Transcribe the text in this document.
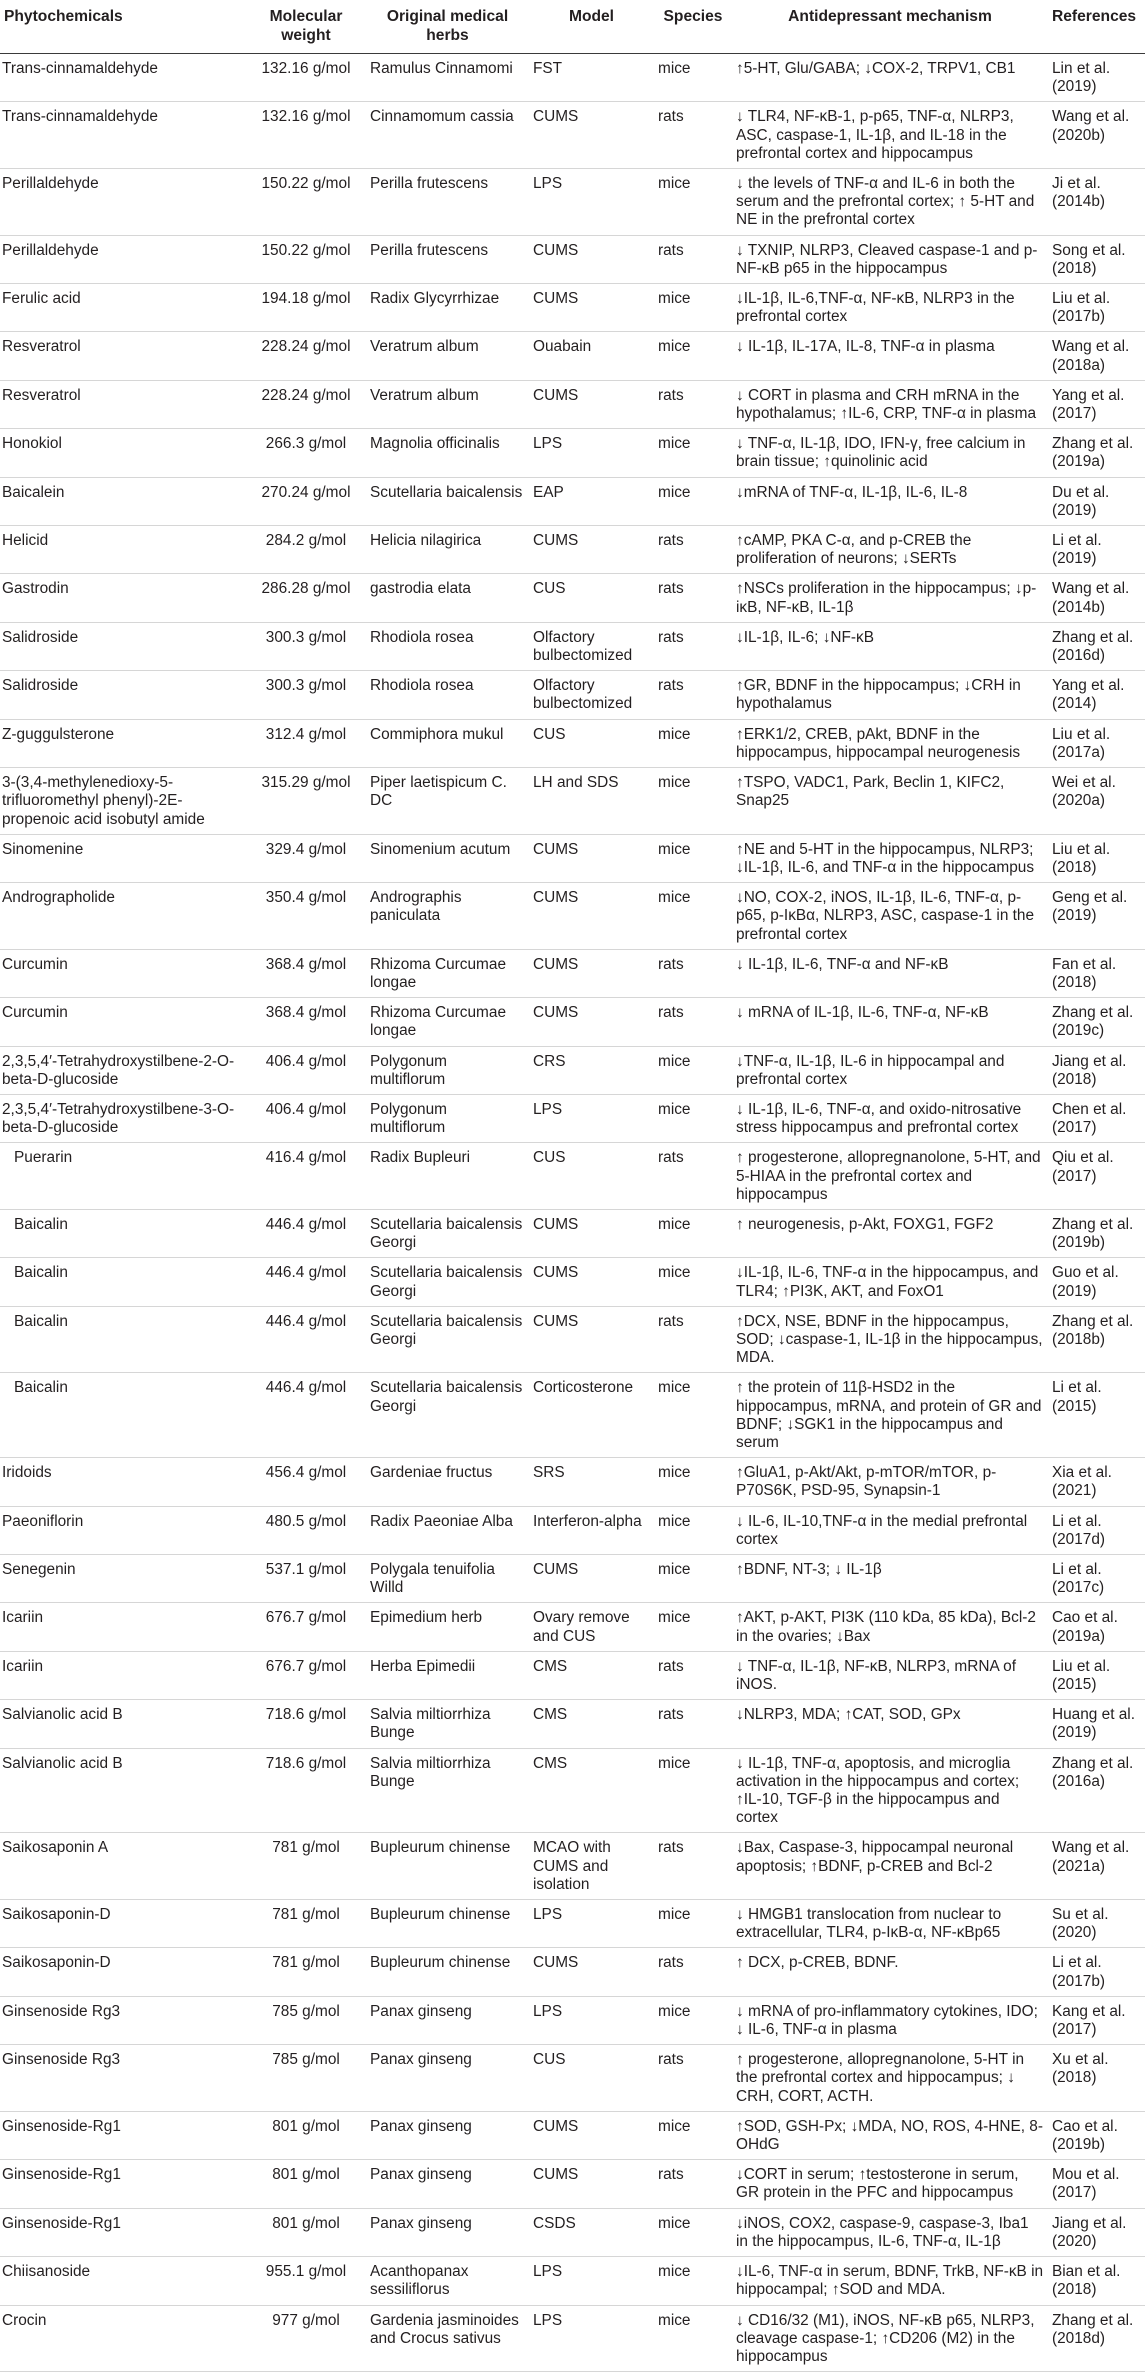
Phytochemicals	Molecular weight	Original medical herbs	Model	Species	Antidepressant mechanism	References
Trans-cinnamaldehyde	132.16 g/mol	Ramulus Cinnamomi	FST	mice	↑5-HT, Glu/GABA; ↓COX-2, TRPV1, CB1	Lin et al. (2019)
Trans-cinnamaldehyde	132.16 g/mol	Cinnamomum cassia	CUMS	rats	↓ TLR4, NF-κB-1, p-p65, TNF-α, NLRP3, ASC, caspase-1, IL-1β, and IL-18 in the prefrontal cortex and hippocampus	Wang et al. (2020b)
Perillaldehyde	150.22 g/mol	Perilla frutescens	LPS	mice	↓ the levels of TNF-α and IL-6 in both the serum and the prefrontal cortex; ↑ 5-HT and NE in the prefrontal cortex	Ji et al. (2014b)
Perillaldehyde	150.22 g/mol	Perilla frutescens	CUMS	rats	↓ TXNIP, NLRP3, Cleaved caspase-1 and p-NF-κB p65 in the hippocampus	Song et al. (2018)
Ferulic acid	194.18 g/mol	Radix Glycyrrhizae	CUMS	mice	↓IL-1β, IL-6,TNF-α, NF-κB, NLRP3 in the prefrontal cortex	Liu et al. (2017b)
Resveratrol	228.24 g/mol	Veratrum album	Ouabain	mice	↓ IL-1β, IL-17A, IL-8, TNF-α in plasma	Wang et al. (2018a)
Resveratrol	228.24 g/mol	Veratrum album	CUMS	rats	↓ CORT in plasma and CRH mRNA in the hypothalamus; ↑IL-6, CRP, TNF-α in plasma	Yang et al. (2017)
Honokiol	266.3 g/mol	Magnolia officinalis	LPS	mice	↓ TNF-α, IL-1β, IDO, IFN-γ, free calcium in brain tissue; ↑quinolinic acid	Zhang et al. (2019a)
Baicalein	270.24 g/mol	Scutellaria baicalensis	EAP	mice	↓mRNA of TNF-α, IL-1β, IL-6, IL-8	Du et al. (2019)
Helicid	284.2 g/mol	Helicia nilagirica	CUMS	rats	↑cAMP, PKA C-α, and p-CREB the proliferation of neurons; ↓SERTs	Li et al. (2019)
Gastrodin	286.28 g/mol	gastrodia elata	CUS	rats	↑NSCs proliferation in the hippocampus; ↓p-iκB, NF-κB, IL-1β	Wang et al. (2014b)
Salidroside	300.3 g/mol	Rhodiola rosea	Olfactory bulbectomized	rats	↓IL-1β, IL-6; ↓NF-κB	Zhang et al. (2016d)
Salidroside	300.3 g/mol	Rhodiola rosea	Olfactory bulbectomized	rats	↑GR, BDNF in the hippocampus; ↓CRH in hypothalamus	Yang et al. (2014)
Z-guggulsterone	312.4 g/mol	Commiphora mukul	CUS	mice	↑ERK1/2, CREB, pAkt, BDNF in the hippocampus, hippocampal neurogenesis	Liu et al. (2017a)
3-(3,4-methylenedioxy-5-trifluoromethyl phenyl)-2E-propenoic acid isobutyl amide	315.29 g/mol	Piper laetispicum C. DC	LH and SDS	mice	↑TSPO, VADC1, Park, Beclin 1, KIFC2, Snap25	Wei et al. (2020a)
Sinomenine	329.4 g/mol	Sinomenium acutum	CUMS	mice	↑NE and 5-HT in the hippocampus, NLRP3; ↓IL-1β, IL-6, and TNF-α in the hippocampus	Liu et al. (2018)
Andrographolide	350.4 g/mol	Andrographis paniculata	CUMS	mice	↓NO, COX-2, iNOS, IL-1β, IL-6, TNF-α, p-p65, p-IκBα, NLRP3, ASC, caspase-1 in the prefrontal cortex	Geng et al. (2019)
Curcumin	368.4 g/mol	Rhizoma Curcumae longae	CUMS	rats	↓ IL-1β, IL-6, TNF-α and NF-κB	Fan et al. (2018)
Curcumin	368.4 g/mol	Rhizoma Curcumae longae	CUMS	rats	↓ mRNA of IL-1β, IL-6, TNF-α, NF-κB	Zhang et al. (2019c)
2,3,5,4′-Tetrahydroxystilbene-2-O-beta-D-glucoside	406.4 g/mol	Polygonum multiflorum	CRS	mice	↓TNF-α, IL-1β, IL-6 in hippocampal and prefrontal cortex	Jiang et al. (2018)
2,3,5,4′-Tetrahydroxystilbene-3-O-beta-D-glucoside	406.4 g/mol	Polygonum multiflorum	LPS	mice	↓ IL-1β, IL-6, TNF-α, and oxido-nitrosative stress hippocampus and prefrontal cortex	Chen et al. (2017)
Puerarin	416.4 g/mol	Radix Bupleuri	CUS	rats	↑ progesterone, allopregnanolone, 5-HT, and 5-HIAA in the prefrontal cortex and hippocampus	Qiu et al. (2017)
Baicalin	446.4 g/mol	Scutellaria baicalensis Georgi	CUMS	mice	↑ neurogenesis, p-Akt, FOXG1, FGF2	Zhang et al. (2019b)
Baicalin	446.4 g/mol	Scutellaria baicalensis Georgi	CUMS	mice	↓IL-1β, IL-6, TNF-α in the hippocampus, and TLR4; ↑PI3K, AKT, and FoxO1	Guo et al. (2019)
Baicalin	446.4 g/mol	Scutellaria baicalensis Georgi	CUMS	rats	↑DCX, NSE, BDNF in the hippocampus, SOD; ↓caspase-1, IL-1β in the hippocampus, MDA.	Zhang et al. (2018b)
Baicalin	446.4 g/mol	Scutellaria baicalensis Georgi	Corticosterone	mice	↑ the protein of 11β-HSD2 in the hippocampus, mRNA, and protein of GR and BDNF; ↓SGK1 in the hippocampus and serum	Li et al. (2015)
Iridoids	456.4 g/mol	Gardeniae fructus	SRS	mice	↑GluA1, p-Akt/Akt, p-mTOR/mTOR, p-P70S6K, PSD-95, Synapsin-1	Xia et al. (2021)
Paeoniflorin	480.5 g/mol	Radix Paeoniae Alba	Interferon-alpha	mice	↓ IL-6, IL-10,TNF-α in the medial prefrontal cortex	Li et al. (2017d)
Senegenin	537.1 g/mol	Polygala tenuifolia Willd	CUMS	mice	↑BDNF, NT-3; ↓ IL-1β	Li et al. (2017c)
Icariin	676.7 g/mol	Epimedium herb	Ovary remove and CUS	mice	↑AKT, p-AKT, PI3K (110 kDa, 85 kDa), Bcl-2 in the ovaries; ↓Bax	Cao et al. (2019a)
Icariin	676.7 g/mol	Herba Epimedii	CMS	rats	↓ TNF-α, IL-1β, NF-κB, NLRP3, mRNA of iNOS.	Liu et al. (2015)
Salvianolic acid B	718.6 g/mol	Salvia miltiorrhiza Bunge	CMS	rats	↓NLRP3, MDA; ↑CAT, SOD, GPx	Huang et al. (2019)
Salvianolic acid B	718.6 g/mol	Salvia miltiorrhiza Bunge	CMS	mice	↓ IL-1β, TNF-α, apoptosis, and microglia activation in the hippocampus and cortex; ↑IL-10, TGF-β in the hippocampus and cortex	Zhang et al. (2016a)
Saikosaponin A	781 g/mol	Bupleurum chinense	MCAO with CUMS and isolation	rats	↓Bax, Caspase-3, hippocampal neuronal apoptosis; ↑BDNF, p-CREB and Bcl-2	Wang et al. (2021a)
Saikosaponin-D	781 g/mol	Bupleurum chinense	LPS	mice	↓ HMGB1 translocation from nuclear to extracellular, TLR4, p-IκB-α, NF-κBp65	Su et al. (2020)
Saikosaponin-D	781 g/mol	Bupleurum chinense	CUMS	rats	↑ DCX, p-CREB, BDNF.	Li et al. (2017b)
Ginsenoside Rg3	785 g/mol	Panax ginseng	LPS	mice	↓ mRNA of pro-inflammatory cytokines, IDO; ↓ IL-6, TNF-α in plasma	Kang et al. (2017)
Ginsenoside Rg3	785 g/mol	Panax ginseng	CUS	rats	↑ progesterone, allopregnanolone, 5-HT in the prefrontal cortex and hippocampus; ↓ CRH, CORT, ACTH.	Xu et al. (2018)
Ginsenoside-Rg1	801 g/mol	Panax ginseng	CUMS	mice	↑SOD, GSH-Px; ↓MDA, NO, ROS, 4-HNE, 8-OHdG	Cao et al. (2019b)
Ginsenoside-Rg1	801 g/mol	Panax ginseng	CUMS	rats	↓CORT in serum; ↑testosterone in serum, GR protein in the PFC and hippocampus	Mou et al. (2017)
Ginsenoside-Rg1	801 g/mol	Panax ginseng	CSDS	mice	↓iNOS, COX2, caspase-9, caspase-3, Iba1 in the hippocampus, IL-6, TNF-α, IL-1β	Jiang et al. (2020)
Chiisanoside	955.1 g/mol	Acanthopanax sessiliflorus	LPS	mice	↓IL-6, TNF-α in serum, BDNF, TrkB, NF-κB in hippocampal; ↑SOD and MDA.	Bian et al. (2018)
Crocin	977 g/mol	Gardenia jasminoides and Crocus sativus	LPS	mice	↓ CD16/32 (M1), iNOS, NF-κB p65, NLRP3, cleavage caspase-1; ↑CD206 (M2) in the hippocampus	Zhang et al. (2018d)
